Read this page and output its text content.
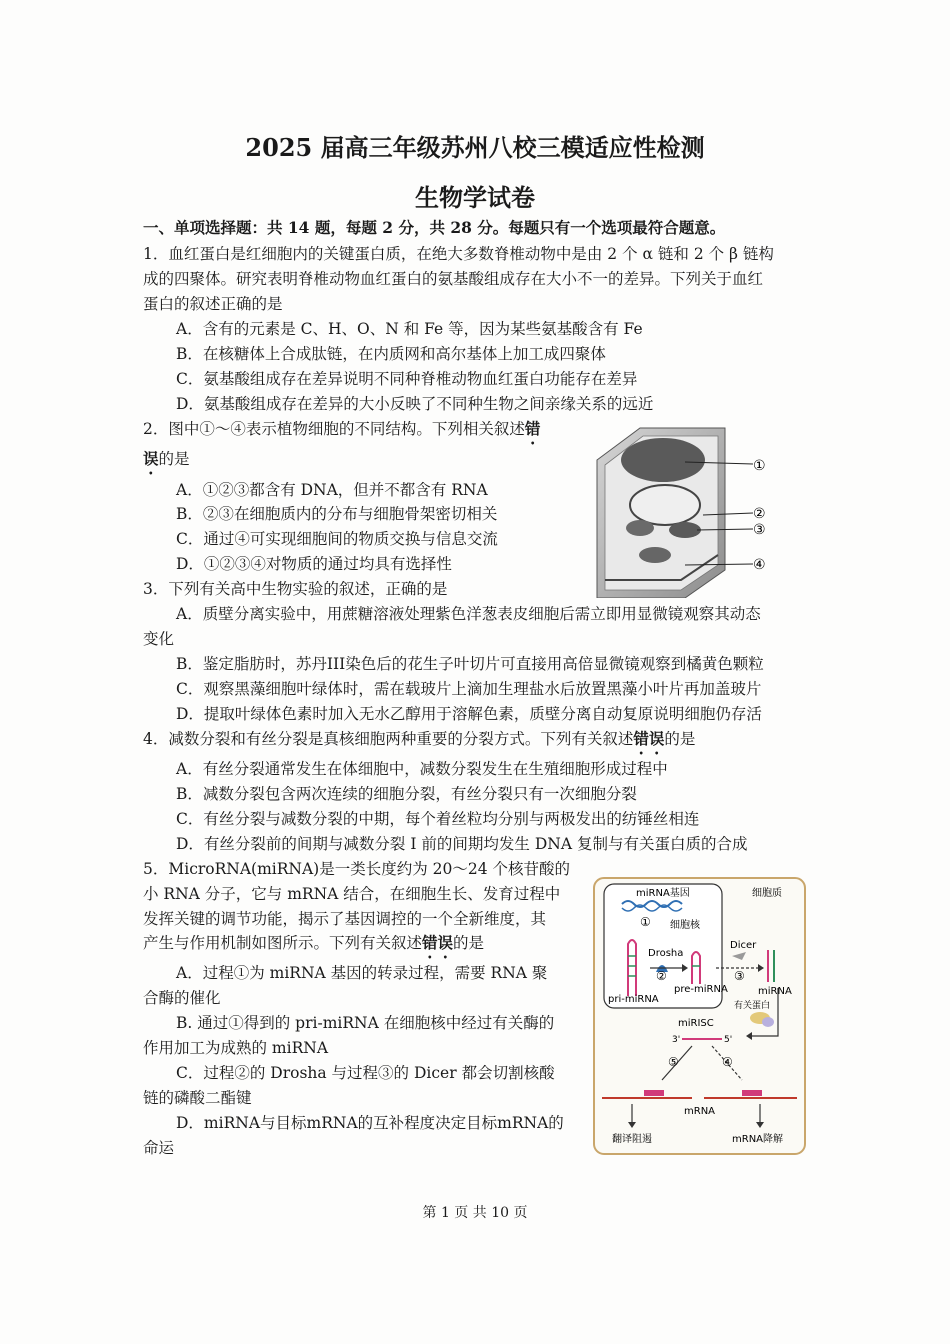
2025 届高三年级苏州八校三模适应性检测
生物学试卷
一、单项选择题：共 14 题，每题 2 分，共 28 分。每题只有一个选项最符合题意。
1．血红蛋白是红细胞内的关键蛋白质，在绝大多数脊椎动物中是由 2 个 α 链和 2 个 β 链构
成的四聚体。研究表明脊椎动物血红蛋白的氨基酸组成存在大小不一的差异。下列关于血红
蛋白的叙述正确的是
A．含有的元素是 C、H、O、N 和 Fe 等，因为某些氨基酸含有 Fe
B．在核糖体上合成肽链，在内质网和高尔基体上加工成四聚体
C．氨基酸组成存在差异说明不同种脊椎动物血红蛋白功能存在差异
D．氨基酸组成存在差异的大小反映了不同种生物之间亲缘关系的远近
2．图中①～④表示植物细胞的不同结构。下列相关叙述错
误的是
A．①②③都含有 DNA，但并不都含有 RNA
B．②③在细胞质内的分布与细胞骨架密切相关
C．通过④可实现细胞间的物质交换与信息交流
D．①②③④对物质的通过均具有选择性
①
②
③
④
3．下列有关高中生物实验的叙述，正确的是
A．质壁分离实验中，用蔗糖溶液处理紫色洋葱表皮细胞后需立即用显微镜观察其动态
变化
B．鉴定脂肪时，苏丹III染色后的花生子叶切片可直接用高倍显微镜观察到橘黄色颗粒
C．观察黑藻细胞叶绿体时，需在载玻片上滴加生理盐水后放置黑藻小叶片再加盖玻片
D．提取叶绿体色素时加入无水乙醇用于溶解色素，质壁分离自动复原说明细胞仍存活
4．减数分裂和有丝分裂是真核细胞两种重要的分裂方式。下列有关叙述错误的是
A．有丝分裂通常发生在体细胞中，减数分裂发生在生殖细胞形成过程中
B．减数分裂包含两次连续的细胞分裂，有丝分裂只有一次细胞分裂
C．有丝分裂与减数分裂的中期，每个着丝粒均分别与两极发出的纺锤丝相连
D．有丝分裂前的间期与减数分裂 I 前的间期均发生 DNA 复制与有关蛋白质的合成
5．MicroRNA(miRNA)是一类长度约为 20～24 个核苷酸的
小 RNA 分子，它与 mRNA 结合，在细胞生长、发育过程中
发挥关键的调节功能，揭示了基因调控的一个全新维度，其
产生与作用机制如图所示。下列有关叙述错误的是
A．过程①为 miRNA 基因的转录过程，需要 RNA 聚
合酶的催化
B. 通过①得到的 pri-miRNA 在细胞核中经过有关酶的
作用加工为成熟的 miRNA
C．过程②的 Drosha 与过程③的 Dicer 都会切割核酸
链的磷酸二酯键
D．miRNA与目标mRNA的互补程度决定目标mRNA的
命运
细胞质
miRNA基因
① 细胞核
pri-miRNA
Drosha
②
pre-miRNA
Dicer
③
miRNA
有关蛋白
miRISC
3'	5'
⑤	④
mRNA
翻译阻遏	mRNA降解
第 1 页 共 10 页
